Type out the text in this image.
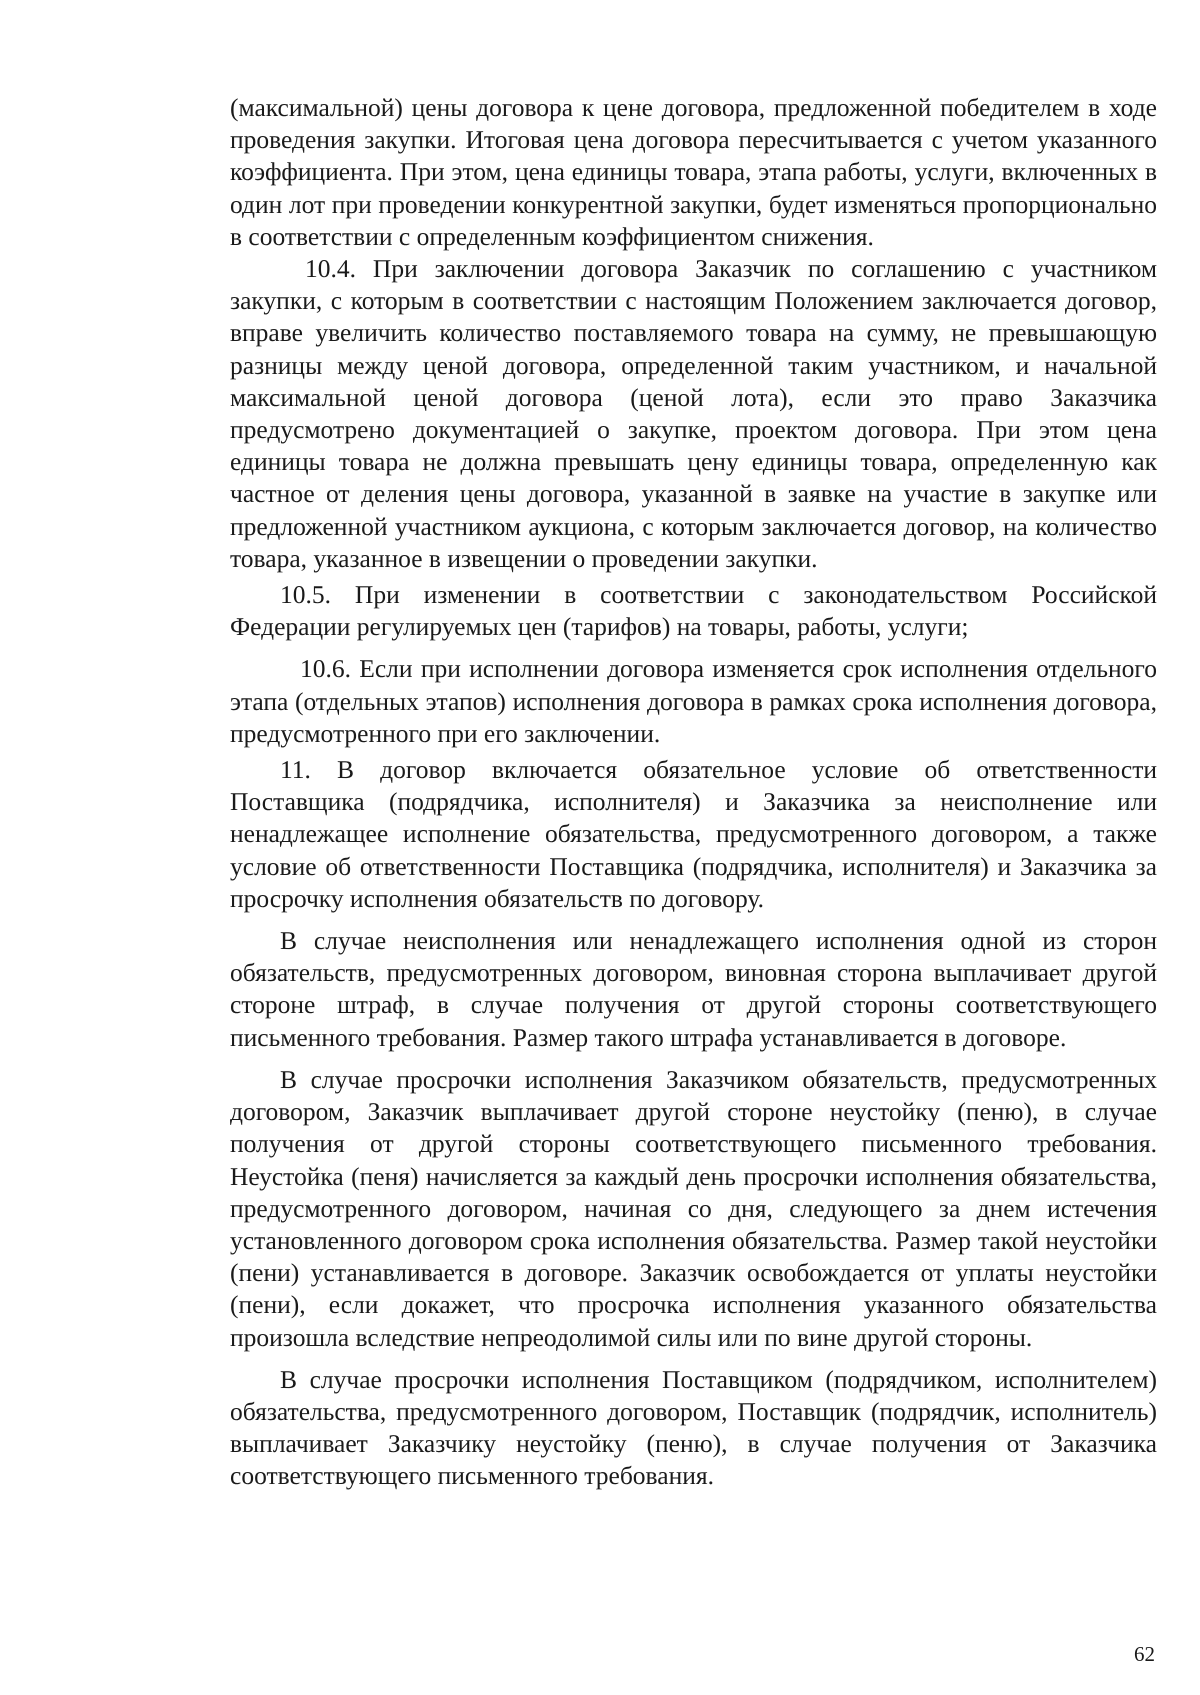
(максимальной) цены договора к цене договора, предложенной победителем в ходе проведения закупки. Итоговая цена договора пересчитывается с учетом указанного коэффициента. При этом, цена единицы товара, этапа работы, услуги, включенных в один лот при проведении конкурентной закупки, будет изменяться пропорционально в соответствии с определенным коэффициентом снижения.

10.4. При заключении договора Заказчик по соглашению с участником закупки, с которым в соответствии с настоящим Положением заключается договор, вправе увеличить количество поставляемого товара на сумму, не превышающую разницы между ценой договора, определенной таким участником, и начальной максимальной ценой договора (ценой лота), если это право Заказчика предусмотрено документацией о закупке, проектом договора. При этом цена единицы товара не должна превышать цену единицы товара, определенную как частное от деления цены договора, указанной в заявке на участие в закупке или предложенной участником аукциона, с которым заключается договор, на количество товара, указанное в извещении о проведении закупки.

10.5. При изменении в соответствии с законодательством Российской Федерации регулируемых цен (тарифов) на товары, работы, услуги;

10.6. Если при исполнении договора изменяется срок исполнения отдельного этапа (отдельных этапов) исполнения договора в рамках срока исполнения договора, предусмотренного при его заключении.

11. В договор включается обязательное условие об ответственности Поставщика (подрядчика, исполнителя) и Заказчика за неисполнение или ненадлежащее исполнение обязательства, предусмотренного договором, а также условие об ответственности Поставщика (подрядчика, исполнителя) и Заказчика за просрочку исполнения обязательств по договору.

В случае неисполнения или ненадлежащего исполнения одной из сторон обязательств, предусмотренных договором, виновная сторона выплачивает другой стороне штраф, в случае получения от другой стороны соответствующего письменного требования. Размер такого штрафа устанавливается в договоре.

В случае просрочки исполнения Заказчиком обязательств, предусмотренных договором, Заказчик выплачивает другой стороне неустойку (пеню), в случае получения от другой стороны соответствующего письменного требования. Неустойка (пеня) начисляется за каждый день просрочки исполнения обязательства, предусмотренного договором, начиная со дня, следующего за днем истечения установленного договором срока исполнения обязательства. Размер такой неустойки (пени) устанавливается в договоре. Заказчик освобождается от уплаты неустойки (пени), если докажет, что просрочка исполнения указанного обязательства произошла вследствие непреодолимой силы или по вине другой стороны.

В случае просрочки исполнения Поставщиком (подрядчиком, исполнителем) обязательства, предусмотренного договором, Поставщик (подрядчик, исполнитель) выплачивает Заказчику неустойку (пеню), в случае получения от Заказчика соответствующего письменного требования.

62
